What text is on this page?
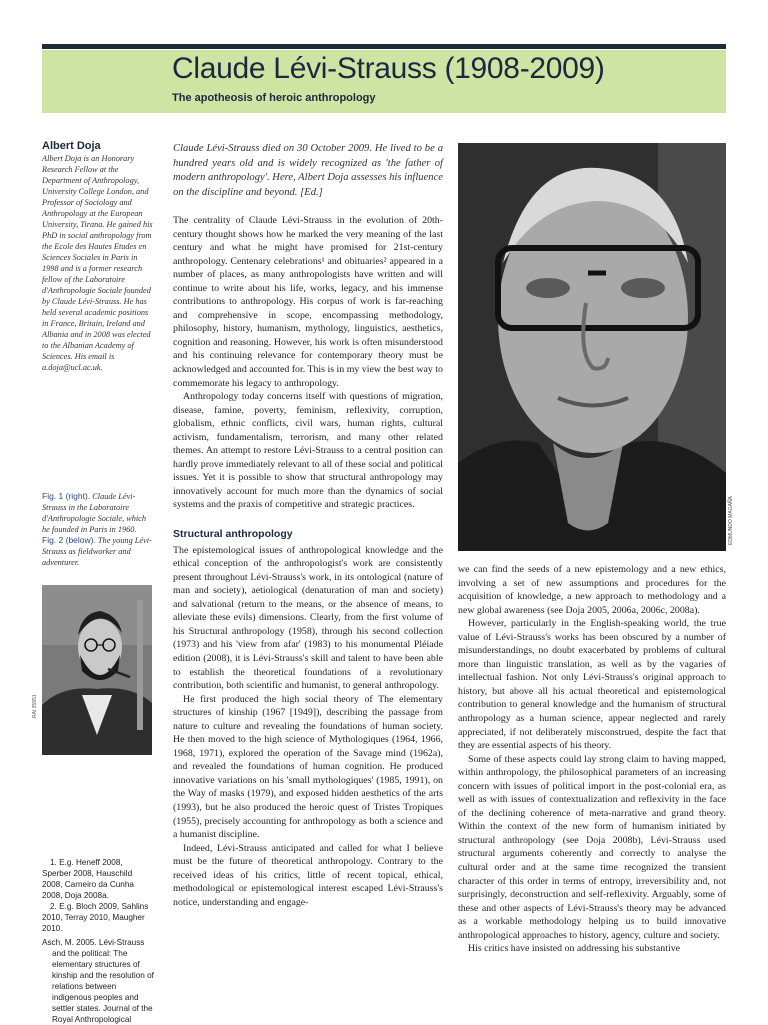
Claude Lévi-Strauss (1908-2009)
The apotheosis of heroic anthropology
Albert Doja
Albert Doja is an Honorary Research Fellow at the Department of Anthropology, University College London, and Professor of Sociology and Anthropology at the European University, Tirana. He gained his PhD in social anthropology from the Ecole des Hautes Etudes en Sciences Sociales in Paris in 1998 and is a former research fellow of the Laboratoire d'Anthropologie Sociale founded by Claude Lévi-Strauss. He has held several academic positions in France, Britain, Ireland and Albania and in 2008 was elected to the Albanian Academy of Sciences. His email is a.doja@ucl.ac.uk.
Fig. 1 (right). Claude Lévi-Strauss in the Laboratoire d'Anthropologie Sociale, which he founded in Paris in 1960.
Fig. 2 (below). The young Lévi-Strauss as fieldworker and adventurer.
RAI 35951
1. E.g. Heneff 2008, Sperber 2008, Hauschild 2008, Carneiro da Cunha 2008, Doja 2008a.
2. E.g. Bloch 2009, Sahlins 2010, Terray 2010, Maugher 2010.
Asch, M. 2005. Lévi-Strauss
and the political: The elementary structures of kinship and the resolution of relations between indigenous peoples and settler states. Journal of the Royal Anthropological
Claude Lévi-Strauss died on 30 October 2009. He lived to be a hundred years old and is widely recognized as 'the father of modern anthropology'. Here, Albert Doja assesses his influence on the discipline and beyond. [Ed.]

The centrality of Claude Lévi-Strauss in the evolution of 20th-century thought shows how he marked the very meaning of the last century and what he might have promised for 21st-century anthropology. Centenary celebrations¹ and obituaries² appeared in a number of places, as many anthropologists have written and will continue to write about his life, works, legacy, and his immense contributions to anthropology. His corpus of work is far-reaching and comprehensive in scope, encompassing methodology, philosophy, history, humanism, mythology, linguistics, aesthetics, cognition and reasoning. However, his work is often misunderstood and his continuing relevance for contemporary theory must be acknowledged and accounted for. This is in my view the best way to commemorate his legacy to anthropology.

Anthropology today concerns itself with questions of migration, disease, famine, poverty, feminism, reflexivity, corruption, globalism, ethnic conflicts, civil wars, human rights, cultural activism, fundamentalism, terrorism, and many other related themes. An attempt to restore Lévi-Strauss to a central position can hardly prove immediately relevant to all of these social and political issues. Yet it is possible to show that structural anthropology may innovatively account for much more than the dynamics of social systems and the praxis of competitive and strategic practices.

Structural anthropology

The epistemological issues of anthropological knowledge and the ethical conception of the anthropologist's work are consistently present throughout Lévi-Strauss's work, in its ontological (nature of man and society), aetiological (denaturation of man and society) and salvational (return to the means, or the absence of means, to alleviate these evils) dimensions. Clearly, from the first volume of his Structural anthropology (1958), through his second collection (1973) and his 'view from afar' (1983) to his monumental Pléiade edition (2008), it is Lévi-Strauss's skill and talent to have been able to establish the theoretical foundations of a revolutionary contribution, both scientific and humanist, to general anthropology.

He first produced the high social theory of The elementary structures of kinship (1967 [1949]), describing the passage from nature to culture and revealing the foundations of human society. He then moved to the high science of Mythologiques (1964, 1966, 1968, 1971), explored the operation of the Savage mind (1962a), and revealed the foundations of human cognition. He produced innovative variations on his 'small mythologiques' (1985, 1991), on the Way of masks (1979), and exposed hidden aesthetics of the arts (1993), but he also produced the heroic quest of Tristes Tropiques (1955), precisely accounting for anthropology as both a science and a humanist discipline.

Indeed, Lévi-Strauss anticipated and called for what I believe must be the future of theoretical anthropology. Contrary to the received ideas of his critics, little of recent topical, ethical, methodological or epistemological interest escaped Lévi-Strauss's notice, understanding and engage-

EDMUNDO MAGAÑA

we can find the seeds of a new epistemology and a new ethics, involving a set of new assumptions and procedures for the acquisition of knowledge, a new approach to methodology and a new global awareness (see Doja 2005, 2006a, 2006c, 2008a).

However, particularly in the English-speaking world, the true value of Lévi-Strauss's works has been obscured by a number of misunderstandings, no doubt exacerbated by problems of cultural more than linguistic translation, as well as by the vagaries of intellectual fashion. Not only Lévi-Strauss's original approach to history, but above all his actual theoretical and epistemological contribution to general knowledge and the humanism of structural anthropology as a human science, appear neglected and rarely appreciated, if not deliberately misconstrued, despite the fact that they are essential aspects of his theory.

Some of these aspects could lay strong claim to having mapped, within anthropology, the philosophical parameters of an increasing concern with issues of political import in the post-colonial era, as well as with issues of contextualization and reflexivity in the face of the declining coherence of meta-narrative and grand theory. Within the context of the new form of humanism initiated by structural anthropology (see Doja 2008b), Lévi-Strauss used structural arguments coherently and correctly to analyse the cultural order and at the same time recognized the transient character of this order in terms of entropy, irreversibility and, not surprisingly, deconstruction and self-reflexivity. Arguably, some of these and other aspects of Lévi-Strauss's theory may be advanced as a workable methodology helping us to build innovative anthropological approaches to history, agency, culture and society.

His critics have insisted on addressing his substantive
